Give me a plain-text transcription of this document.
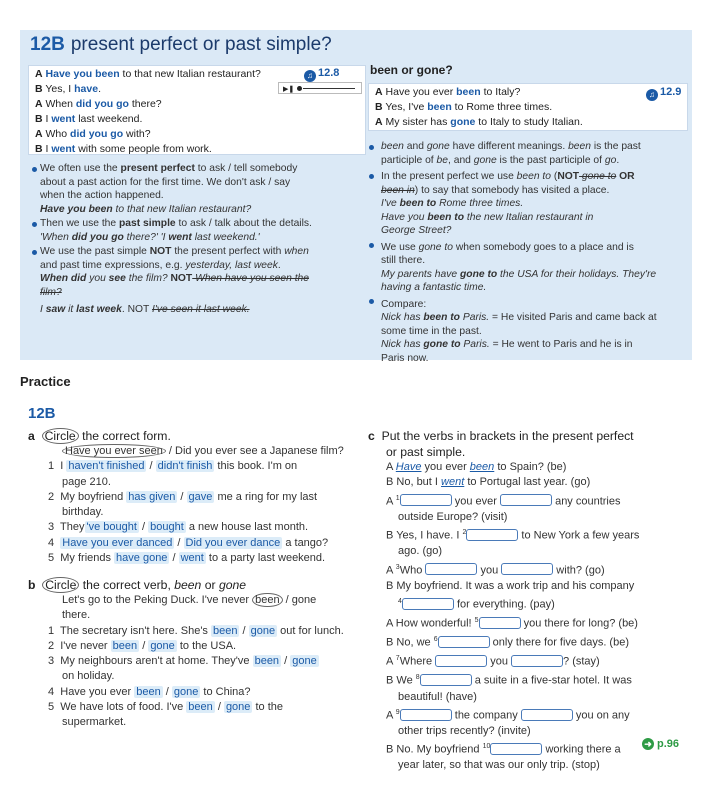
12B present perfect or past simple?
A Have you been to that new Italian restaurant?
B Yes, I have.
A When did you go there?
B I went last weekend.
A Who did you go with?
B I went with some people from work.
♫ 12.8
▶❚
We often use the present perfect to ask / tell somebody
about a past action for the first time. We don't ask / say
when the action happened.
Have you been to that new Italian restaurant?
Then we use the past simple to ask / talk about the details.
'When did you go there?' 'I went last weekend.'
We use the past simple NOT the present perfect with when
and past time expressions, e.g. yesterday, last week.
When did you see the film? NOT When have you seen the
film?
I saw it last week. NOT I've seen it last week.
been or gone?
A Have you ever been to Italy?
B Yes, I've been to Rome three times.
A My sister has gone to Italy to study Italian.
♫ 12.9
been and gone have different meanings. been is the past
participle of be, and gone is the past participle of go.
In the present perfect we use been to (NOT gone to OR
been in) to say that somebody has visited a place.
I've been to Rome three times.
Have you been to the new Italian restaurant in
George Street?
We use gone to when somebody goes to a place and is
still there.
My parents have gone to the USA for their holidays. They're
having a fantastic time.
Compare:
Nick has been to Paris. = He visited Paris and came back at
some time in the past.
Nick has gone to Paris. = He went to Paris and he is in
Paris now.
Practice
12B
a Circle the correct form.
Have you ever seen / Did you ever see a Japanese film?
1 I haven't finished / didn't finish this book. I'm on
page 210.
2 My boyfriend has given / gave me a ring for my last
birthday.
3 They 've bought / bought a new house last month.
4 Have you ever danced / Did you ever dance a tango?
5 My friends have gone / went to a party last weekend.
b Circle the correct verb, been or gone
Let's go to the Peking Duck. I've never been / gone
there.
1 The secretary isn't here. She's been / gone out for lunch.
2 I've never been / gone to the USA.
3 My neighbours aren't at home. They've been / gone
on holiday.
4 Have you ever been / gone to China?
5 We have lots of food. I've been / gone to the
supermarket.
c Put the verbs in brackets in the present perfect
or past simple.
A Have you ever been to Spain? (be)
B No, but I went to Portugal last year. (go)
A $^1$	you ever	any countries
outside Europe? (visit)
B Yes, I have. I $^2$	to New York a few years
ago. (go)
A $^3$Who	you	with? (go)
B My boyfriend. It was a work trip and his company
$^4$	for everything. (pay)
A How wonderful! $^5$	you there for long? (be)
B No, we $^6$	only there for five days. (be)
A $^7$Where	you	? (stay)
B We $^8$	a suite in a five-star hotel. It was
beautiful! (have)
A $^9$	the company	you on any
other trips recently? (invite)
B No. My boyfriend $^{10}$	working there a
year later, so that was our only trip. (stop)
➜ p.96
